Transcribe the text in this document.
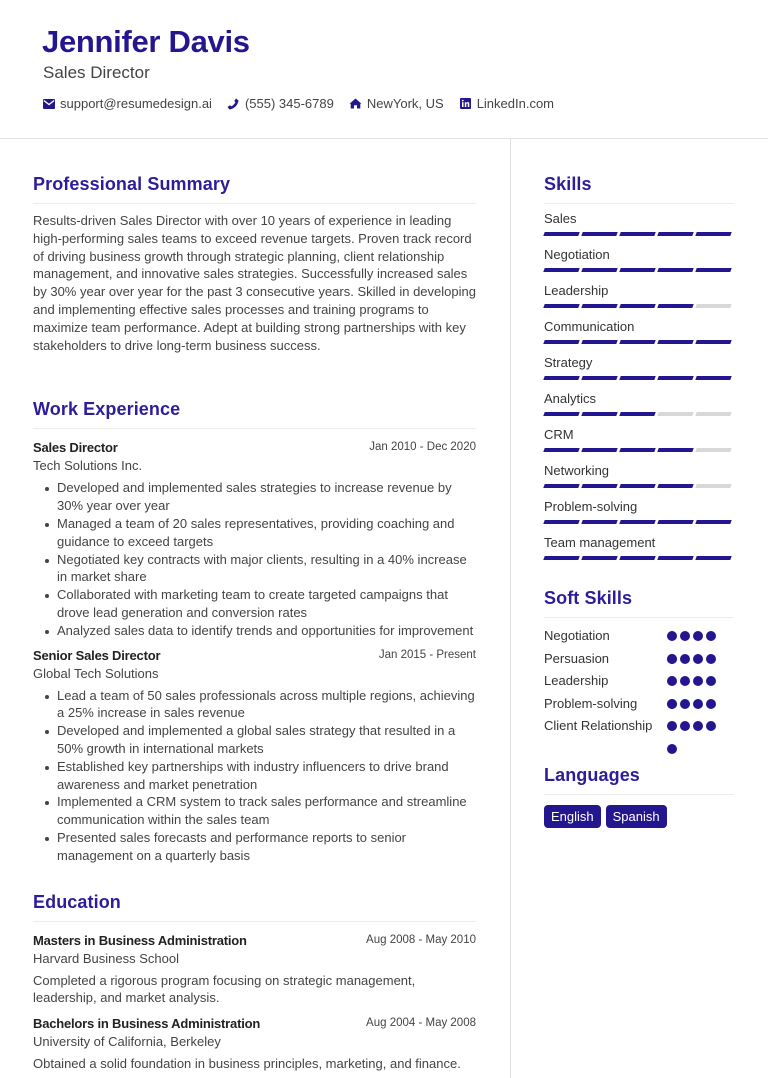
Jennifer Davis
Sales Director
support@resumedesign.ai	(555) 345-6789	NewYork, US	LinkedIn.com
Professional Summary
Results-driven Sales Director with over 10 years of experience in leading high-performing sales teams to exceed revenue targets. Proven track record of driving business growth through strategic planning, client relationship management, and innovative sales strategies. Successfully increased sales by 30% year over year for the past 3 consecutive years. Skilled in developing and implementing effective sales processes and training programs to maximize team performance. Adept at building strong partnerships with key stakeholders to drive long-term business success.
Work Experience
Sales Director	Jan 2010 - Dec 2020
Tech Solutions Inc.
Developed and implemented sales strategies to increase revenue by 30% year over year
Managed a team of 20 sales representatives, providing coaching and guidance to exceed targets
Negotiated key contracts with major clients, resulting in a 40% increase in market share
Collaborated with marketing team to create targeted campaigns that drove lead generation and conversion rates
Analyzed sales data to identify trends and opportunities for improvement
Senior Sales Director	Jan 2015 - Present
Global Tech Solutions
Lead a team of 50 sales professionals across multiple regions, achieving a 25% increase in sales revenue
Developed and implemented a global sales strategy that resulted in a 50% growth in international markets
Established key partnerships with industry influencers to drive brand awareness and market penetration
Implemented a CRM system to track sales performance and streamline communication within the sales team
Presented sales forecasts and performance reports to senior management on a quarterly basis
Education
Masters in Business Administration	Aug 2008 - May 2010
Harvard Business School
Completed a rigorous program focusing on strategic management, leadership, and market analysis.
Bachelors in Business Administration	Aug 2004 - May 2008
University of California, Berkeley
Obtained a solid foundation in business principles, marketing, and finance.
Skills
Sales
Negotiation
Leadership
Communication
Strategy
Analytics
CRM
Networking
Problem-solving
Team management
Soft Skills
Negotiation
Persuasion
Leadership
Problem-solving
Client Relationship
Languages
English	Spanish
